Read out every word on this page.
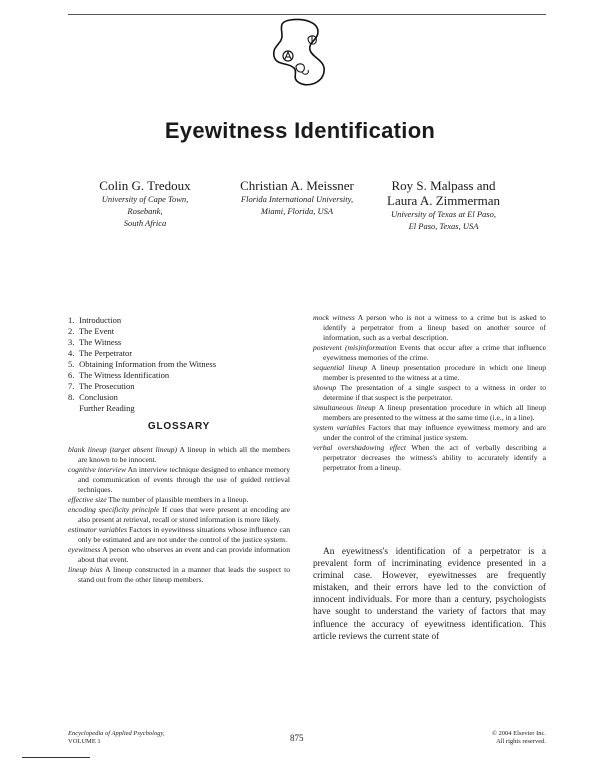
Eyewitness Identification
Colin G. Tredoux
University of Cape Town, Rosebank,
South Africa
Christian A. Meissner
Florida International University,
Miami, Florida, USA
Roy S. Malpass and
Laura A. Zimmerman
University of Texas at El Paso,
El Paso, Texas, USA
1. Introduction
2. The Event
3. The Witness
4. The Perpetrator
5. Obtaining Information from the Witness
6. The Witness Identification
7. The Prosecution
8. Conclusion
Further Reading
GLOSSARY

blank lineup (target absent lineup) A lineup in which all the members are known to be innocent.

cognitive interview An interview technique designed to enhance memory and communication of events through the use of guided retrieval techniques.

effective size The number of plausible members in a lineup.

encoding specificity principle If cues that were present at encoding are also present at retrieval, recall or stored information is more likely.

estimator variables Factors in eyewitness situations whose influence can only be estimated and are not under the control of the justice system.

eyewitness A person who observes an event and can provide information about that event.

lineup bias A lineup constructed in a manner that leads the suspect to stand out from the other lineup members.

mock witness A person who is not a witness to a crime but is asked to identify a perpetrator from a lineup based on another source of information, such as a verbal description.

postevent (mis)information Events that occur after a crime that influence eyewitness memories of the crime.

sequential lineup A lineup presentation procedure in which one lineup member is presented to the witness at a time.

showup The presentation of a single suspect to a witness in order to determine if that suspect is the perpetrator.

simultaneous lineup A lineup presentation procedure in which all lineup members are presented to the witness at the same time (i.e., in a line).

system variables Factors that may influence eyewitness memory and are under the control of the criminal justice system.

verbal overshadowing effect When the act of verbally describing a perpetrator decreases the witness's ability to accurately identify a perpetrator from a lineup.

An eyewitness's identification of a perpetrator is a prevalent form of incriminating evidence presented in a criminal case. However, eyewitnesses are frequently mistaken, and their errors have led to the conviction of innocent individuals. For more than a century, psychologists have sought to understand the variety of factors that may influence the accuracy of eyewitness identification. This article reviews the current state of

Encyclopedia of Applied Psychology,
VOLUME 1	875	© 2004 Elsevier Inc.
All rights reserved.
